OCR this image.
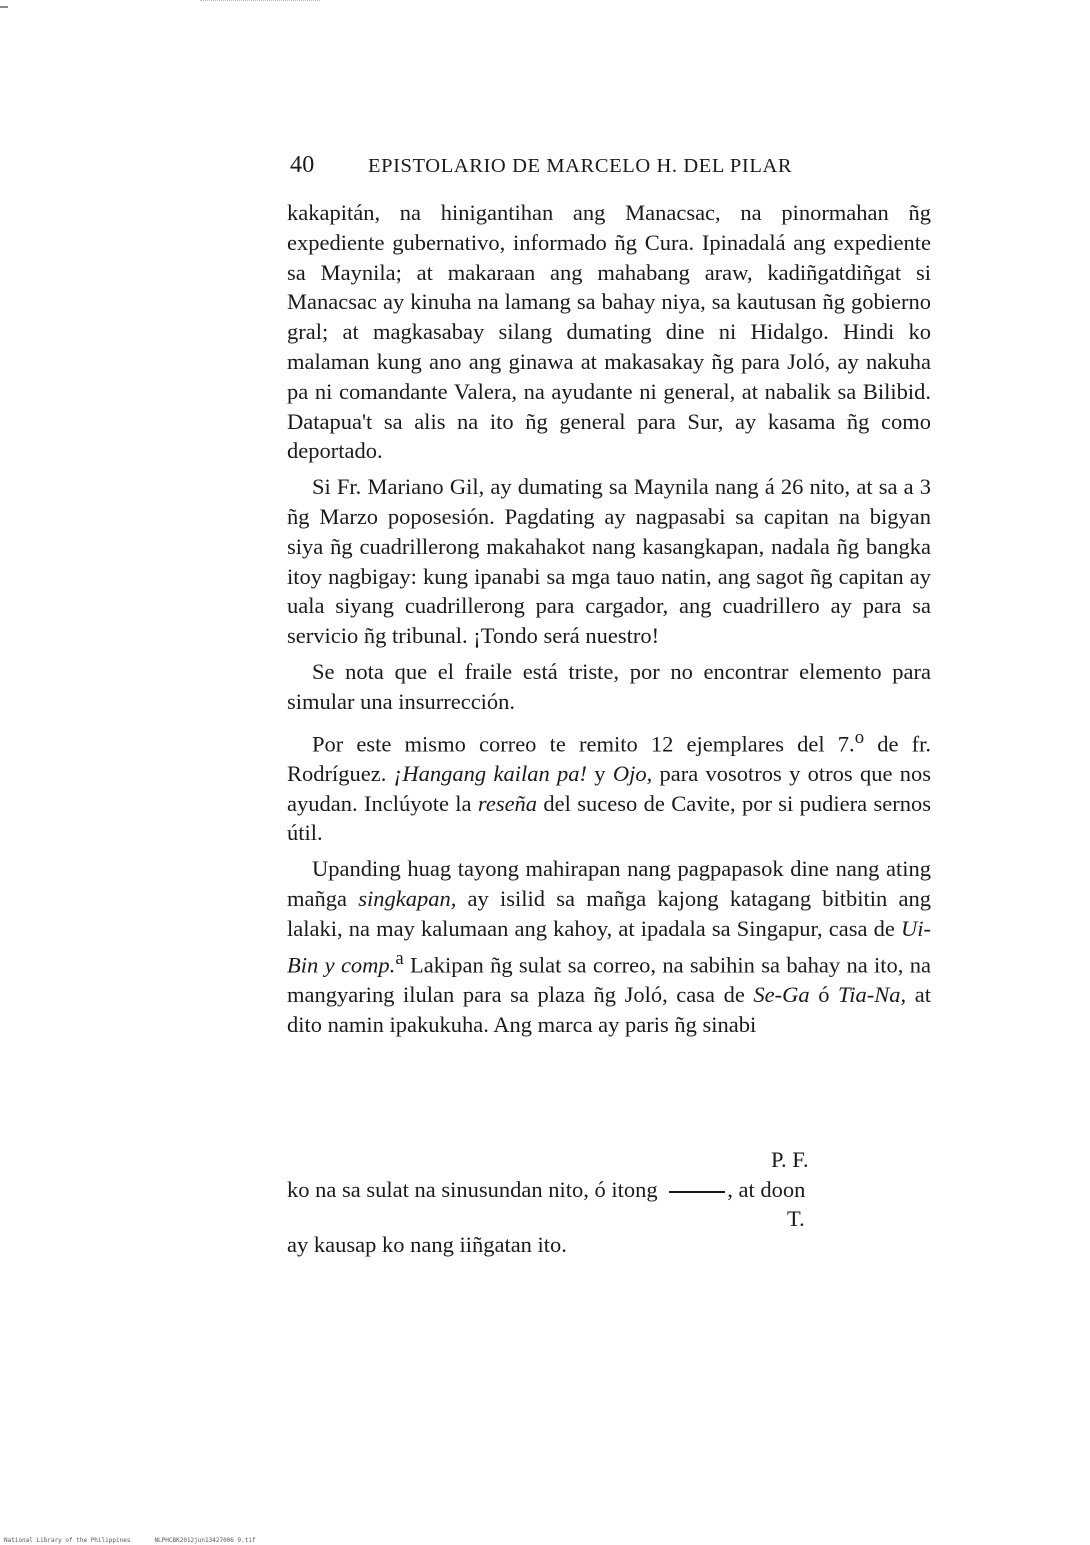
40	EPISTOLARIO DE MARCELO H. DEL PILAR

kakapitán, na hinigantihan ang Manacsac, na pinormahan ñg expediente gubernativo, informado ñg Cura. Ipinadalá ang expediente sa Maynila; at makaraan ang mahabang araw, kadiñgatdiñgat si Manacsac ay kinuha na lamang sa bahay niya, sa kautusan ñg gobierno gral; at magkasabay silang dumating dine ni Hidalgo. Hindi ko malaman kung ano ang ginawa at makasakay ñg para Joló, ay nakuha pa ni comandante Valera, na ayudante ni general, at nabalik sa Bilibid. Datapua't sa alis na ito ñg general para Sur, ay kasama ñg como deportado.

Si Fr. Mariano Gil, ay dumating sa Maynila nang á 26 nito, at sa a 3 ñg Marzo poposesión. Pagdating ay nagpasabi sa capitan na bigyan siya ñg cuadrillerong makahakot nang kasangkapan, nadala ñg bangka itoy nagbigay: kung ipanabi sa mga tauo natin, ang sagot ñg capitan ay uala siyang cuadrillerong para cargador, ang cuadrillero ay para sa servicio ñg tribunal. ¡Tondo será nuestro!

Se nota que el fraile está triste, por no encontrar elemento para simular una insurrección.

Por este mismo correo te remito 12 ejemplares del 7.$^o$ de fr. Rodríguez. ¡Hangang kailan pa! y Ojo, para vosotros y otros que nos ayudan. Inclúyote la reseña del suceso de Cavite, por si pudiera sernos útil.

Upanding huag tayong mahirapan nang pagpapasok dine nang ating mañga singkapan, ay isilid sa mañga kajong katagang bitbitin ang lalaki, na may kalumaan ang kahoy, at ipadala sa Singapur, casa de Ui-Bin y comp.$^a$ Lakipan ñg sulat sa correo, na sabihin sa bahay na ito, na mangyaring ilulan para sa plaza ñg Joló, casa de Se-Ga ó Tia-Na, at dito namin ipakukuha. Ang marca ay paris ñg sinabi

P. F.
ko na sa sulat na sinusundan nito, ó itong	, at doon
T.
ay kausap ko nang iiñgatan ito.
National Library of the Philippines	NLPHCBK2012jun13427006 9.tif
